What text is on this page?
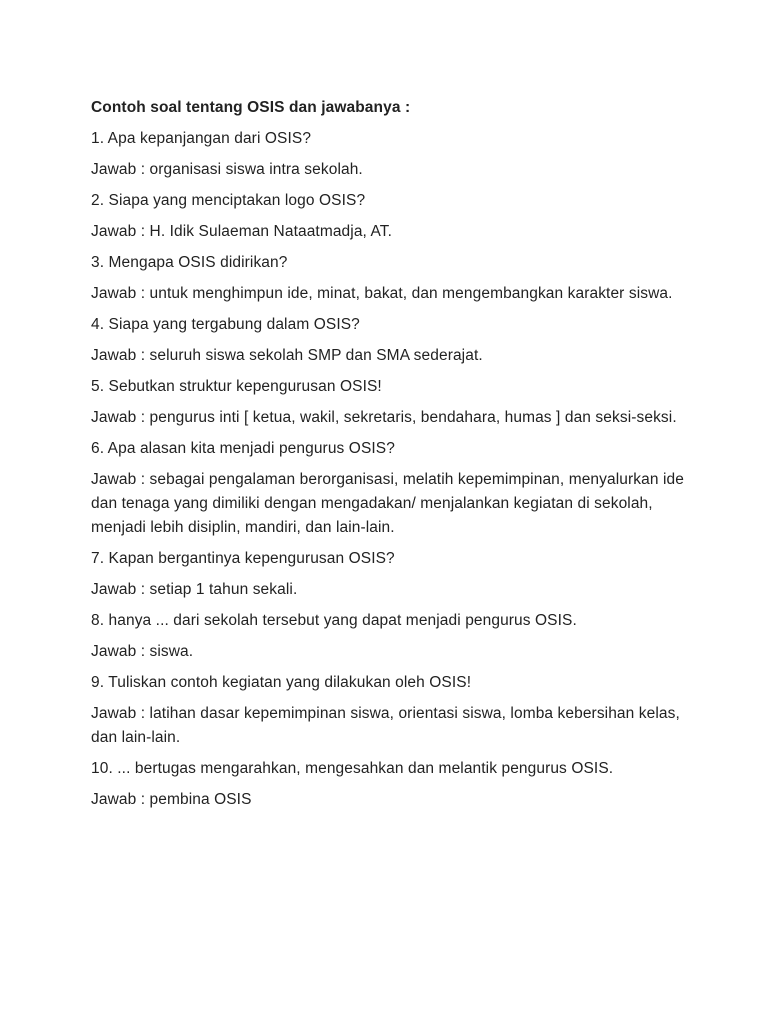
Contoh soal tentang OSIS dan jawabanya :
1. Apa kepanjangan dari OSIS?
Jawab : organisasi siswa intra sekolah.
2. Siapa yang menciptakan logo OSIS?
Jawab : H. Idik Sulaeman Nataatmadja, AT.
3. Mengapa OSIS didirikan?
Jawab : untuk menghimpun ide, minat, bakat, dan mengembangkan karakter siswa.
4. Siapa yang tergabung dalam OSIS?
Jawab : seluruh siswa sekolah SMP dan SMA sederajat.
5. Sebutkan struktur kepengurusan OSIS!
Jawab : pengurus inti [ ketua, wakil, sekretaris, bendahara, humas ] dan seksi-seksi.
6. Apa alasan kita menjadi pengurus OSIS?
Jawab : sebagai pengalaman berorganisasi, melatih kepemimpinan, menyalurkan ide dan tenaga yang dimiliki dengan mengadakan/ menjalankan kegiatan di sekolah, menjadi lebih disiplin, mandiri, dan lain-lain.
7. Kapan bergantinya kepengurusan OSIS?
Jawab : setiap 1 tahun sekali.
8. hanya ... dari sekolah tersebut yang dapat menjadi pengurus OSIS.
Jawab : siswa.
9. Tuliskan contoh kegiatan yang dilakukan oleh OSIS!
Jawab : latihan dasar kepemimpinan siswa, orientasi siswa, lomba kebersihan kelas, dan lain-lain.
10. ... bertugas mengarahkan, mengesahkan dan melantik pengurus OSIS.
Jawab : pembina OSIS
